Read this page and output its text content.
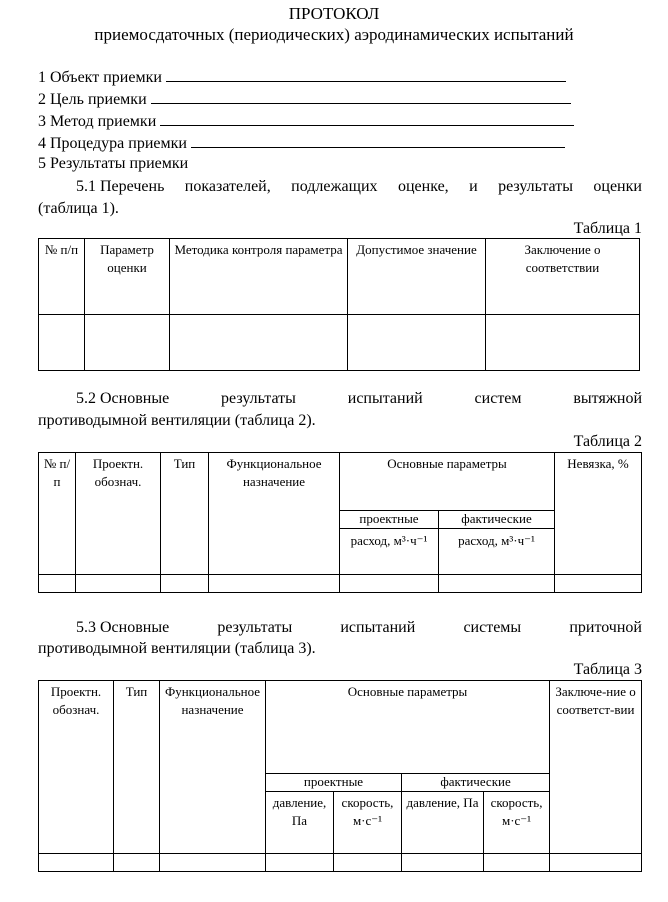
ПРОТОКОЛ
приемосдаточных (периодических) аэродинамических испытаний
1 Объект приемки
2 Цель приемки
3 Метод приемки
4 Процедура приемки
5 Результаты приемки
5.1 Перечень показателей, подлежащих оценке, и результаты оценки
(таблица 1).
Таблица 1
№ п/п	Параметр оценки	Методика контроля параметра	Допустимое значение	Заключение о соответствии

5.2 Основные	результаты	испытаний	систем	вытяжной
противодымной вентиляции (таблица 2).
Таблица 2
№ п/п	Проектн. обознач.	Тип	Функциональное назначение	Основные параметры		Невязка, %
				проектные	фактические	
				расход, м³·ч⁻¹	расход, м³·ч⁻¹	

5.3 Основные	результаты	испытаний	системы	приточной
противодымной вентиляции (таблица 3).
Таблица 3
Проектн. обознач.	Тип	Функциональное назначение	Основные параметры				Заключе-ние о соответст-вии
			проектные		фактические		
			давление, Па	скорость, м·с⁻¹	давление, Па	скорость, м·с⁻¹	
